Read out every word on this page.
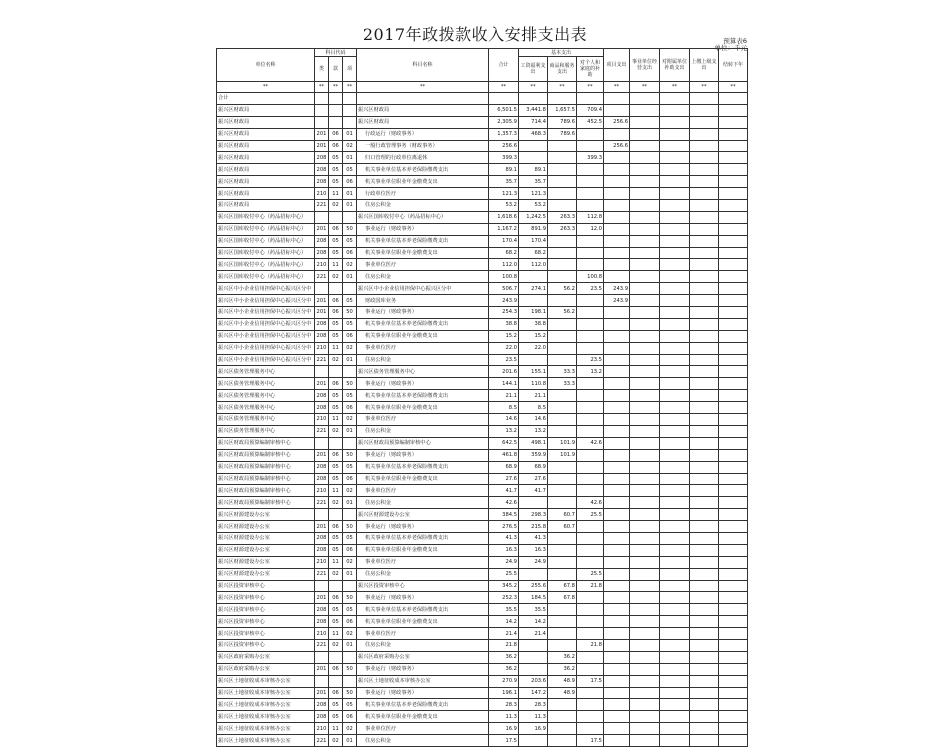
2017年政拨款收入安排支出表	预算表6
单位：千元
单位名称	科目代码			科目名称	合计	基本支出			项目支出	事业单位经营支出	对附属单位补助支出	上缴上级支出	结转下年
	类	款	项			工资福利支出	商品和服务支出	对个人和家庭的补助					
**	**	**	**	**	**	**	**	**	**	**	**	**	**
合计													
振兴区财政局				振兴区财政局	6,501.5	3,441.8	1,657.5	709.4					
振兴区财政局				振兴区财政局	2,305.9	714.4	789.6	452.5	256.6				
振兴区财政局	201	06	01	行政运行（财政事务）	1,357.3	468.3	789.6						
振兴区财政局	201	06	02	一般行政管理事务（财政事务）	256.6				256.6				
振兴区财政局	208	05	01	归口管理的行政单位离退休	399.3			399.3					
振兴区财政局	208	05	05	机关事业单位基本养老保险缴费支出	89.1	89.1							
振兴区财政局	208	05	06	机关事业单位职业年金缴费支出	35.7	35.7							
振兴区财政局	210	11	01	行政单位医疗	121.3	121.3							
振兴区财政局	221	02	01	住房公积金	53.2	53.2							
振兴区国库收付中心（药品招标中心）				振兴区国库收付中心（药品招标中心）	1,618.6	1,242.5	263.3	112.8					
振兴区国库收付中心（药品招标中心）	201	06	50	事业运行（财政事务）	1,167.2	891.9	263.3	12.0					
振兴区国库收付中心（药品招标中心）	208	05	05	机关事业单位基本养老保险缴费支出	170.4	170.4							
振兴区国库收付中心（药品招标中心）	208	05	06	机关事业单位职业年金缴费支出	68.2	68.2							
振兴区国库收付中心（药品招标中心）	210	11	02	事业单位医疗	112.0	112.0							
振兴区国库收付中心（药品招标中心）	221	02	01	住房公积金	100.8			100.8					
振兴区中小企业信用担保中心振兴区分中				振兴区中小企业信用担保中心振兴区分中	506.7	274.1	56.2	23.5	243.9				
振兴区中小企业信用担保中心振兴区分中	201	06	05	财政国库业务	243.9				243.9				
振兴区中小企业信用担保中心振兴区分中	201	06	50	事业运行（财政事务）	254.3	198.1	56.2						
振兴区中小企业信用担保中心振兴区分中	208	05	05	机关事业单位基本养老保险缴费支出	38.8	38.8							
振兴区中小企业信用担保中心振兴区分中	208	05	06	机关事业单位职业年金缴费支出	15.2	15.2							
振兴区中小企业信用担保中心振兴区分中	210	11	02	事业单位医疗	22.0	22.0							
振兴区中小企业信用担保中心振兴区分中	221	02	01	住房公积金	23.5			23.5					
振兴区债务管理服务中心				振兴区债务管理服务中心	201.6	155.1	33.3	13.2					
振兴区债务管理服务中心	201	06	50	事业运行（财政事务）	144.1	110.8	33.3						
振兴区债务管理服务中心	208	05	05	机关事业单位基本养老保险缴费支出	21.1	21.1							
振兴区债务管理服务中心	208	05	06	机关事业单位职业年金缴费支出	8.5	8.5							
振兴区债务管理服务中心	210	11	02	事业单位医疗	14.6	14.6							
振兴区债务管理服务中心	221	02	01	住房公积金	13.2	13.2							
振兴区财政局预算编制审核中心				振兴区财政局预算编制审核中心	642.5	498.1	101.9	42.6					
振兴区财政局预算编制审核中心	201	06	50	事业运行（财政事务）	461.8	359.9	101.9						
振兴区财政局预算编制审核中心	208	05	05	机关事业单位基本养老保险缴费支出	68.9	68.9							
振兴区财政局预算编制审核中心	208	05	06	机关事业单位职业年金缴费支出	27.6	27.6							
振兴区财政局预算编制审核中心	210	11	02	事业单位医疗	41.7	41.7							
振兴区财政局预算编制审核中心	221	02	01	住房公积金	42.6			42.6					
振兴区财源建设办公室				振兴区财源建设办公室	384.5	298.3	60.7	25.5					
振兴区财源建设办公室	201	06	50	事业运行（财政事务）	276.5	215.8	60.7						
振兴区财源建设办公室	208	05	05	机关事业单位基本养老保险缴费支出	41.3	41.3							
振兴区财源建设办公室	208	05	06	机关事业单位职业年金缴费支出	16.3	16.3							
振兴区财源建设办公室	210	11	02	事业单位医疗	24.9	24.9							
振兴区财源建设办公室	221	02	01	住房公积金	25.5			25.5					
振兴区投资审核中心				振兴区投资审核中心	345.2	255.6	67.8	21.8					
振兴区投资审核中心	201	06	50	事业运行（财政事务）	252.3	184.5	67.8						
振兴区投资审核中心	208	05	05	机关事业单位基本养老保险缴费支出	35.5	35.5							
振兴区投资审核中心	208	05	06	机关事业单位职业年金缴费支出	14.2	14.2							
振兴区投资审核中心	210	11	02	事业单位医疗	21.4	21.4							
振兴区投资审核中心	221	02	01	住房公积金	21.8			21.8					
振兴区政府采购办公室				振兴区政府采购办公室	36.2		36.2						
振兴区政府采购办公室	201	06	50	事业运行（财政事务）	36.2		36.2						
振兴区土地征收成本审核办公室				振兴区土地征收成本审核办公室	270.9	203.6	48.9	17.5					
振兴区土地征收成本审核办公室	201	06	50	事业运行（财政事务）	196.1	147.2	48.9						
振兴区土地征收成本审核办公室	208	05	05	机关事业单位基本养老保险缴费支出	28.3	28.3							
振兴区土地征收成本审核办公室	208	05	06	机关事业单位职业年金缴费支出	11.3	11.3							
振兴区土地征收成本审核办公室	210	11	02	事业单位医疗	16.9	16.9							
振兴区土地征收成本审核办公室	221	02	01	住房公积金	17.5			17.5					
